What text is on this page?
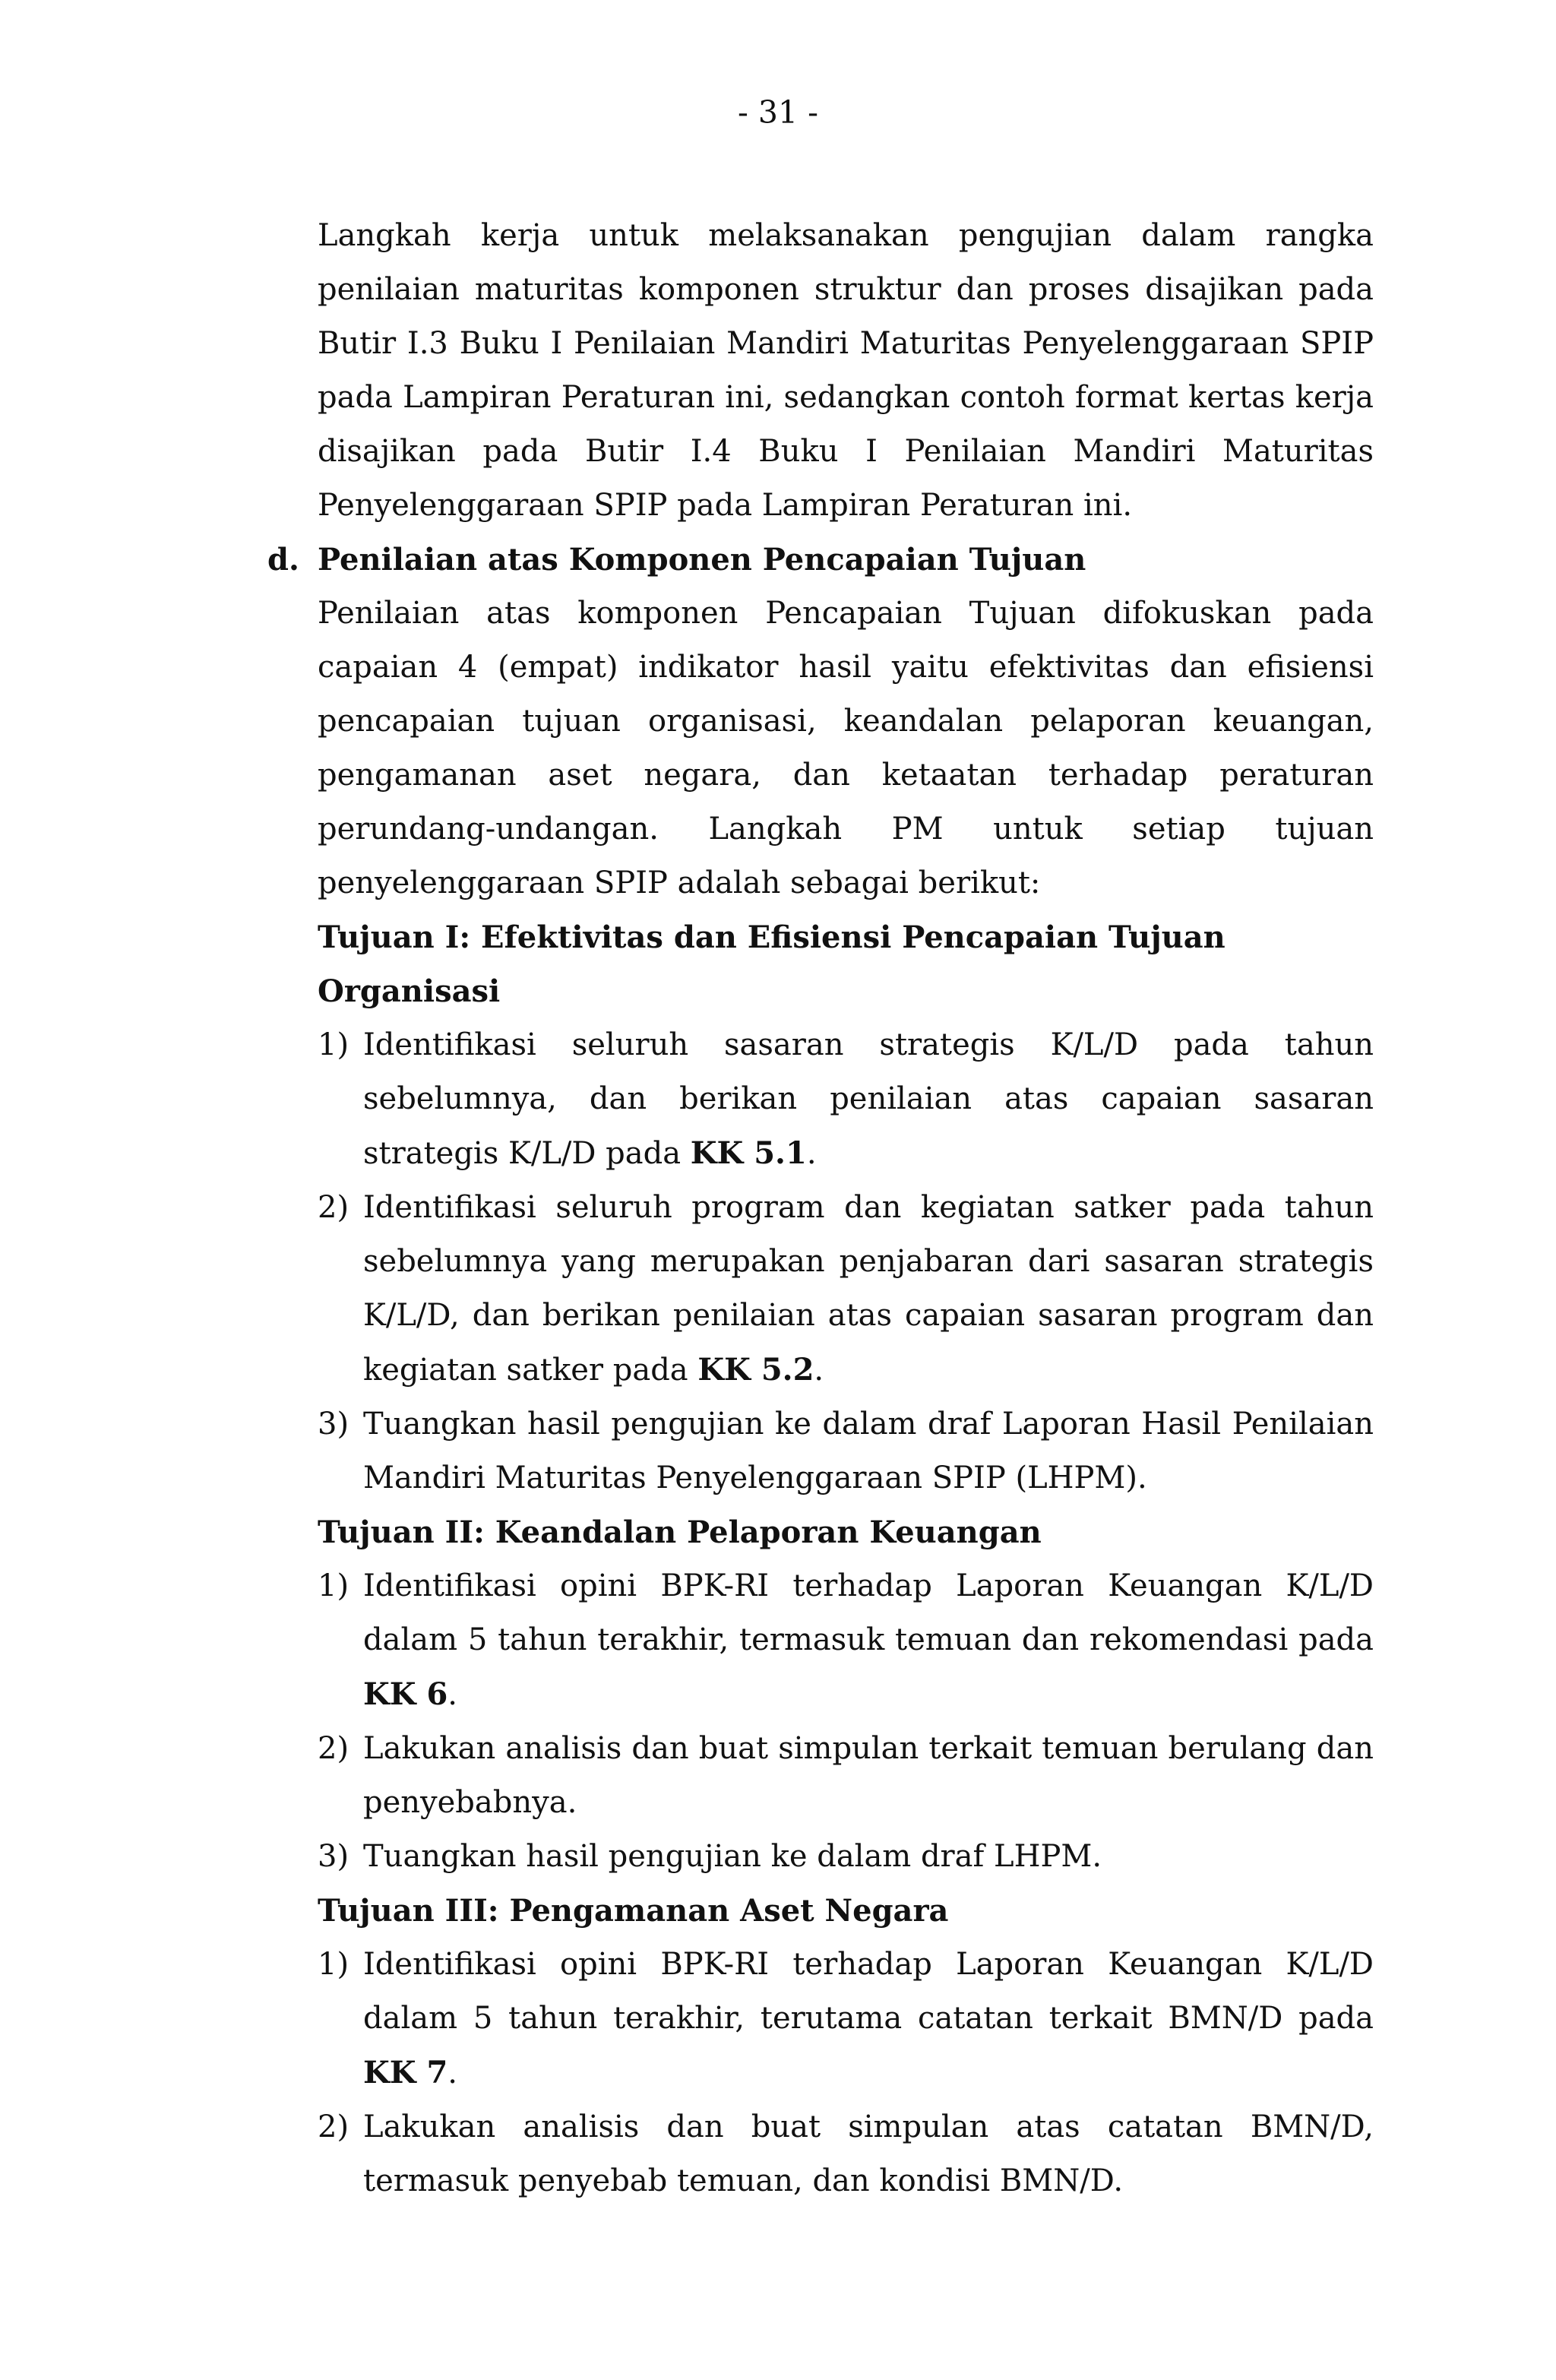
- 31 -

Langkah kerja untuk melaksanakan pengujian dalam rangka penilaian maturitas komponen struktur dan proses disajikan pada Butir I.3 Buku I Penilaian Mandiri Maturitas Penyelenggaraan SPIP pada Lampiran Peraturan ini, sedangkan contoh format kertas kerja disajikan pada Butir I.4 Buku I Penilaian Mandiri Maturitas Penyelenggaraan SPIP pada Lampiran Peraturan ini.

d. Penilaian atas Komponen Pencapaian Tujuan

Penilaian atas komponen Pencapaian Tujuan difokuskan pada capaian 4 (empat) indikator hasil yaitu efektivitas dan efisiensi pencapaian tujuan organisasi, keandalan pelaporan keuangan, pengamanan aset negara, dan ketaatan terhadap peraturan perundang-undangan. Langkah PM untuk setiap tujuan penyelenggaraan SPIP adalah sebagai berikut:

Tujuan I: Efektivitas dan Efisiensi Pencapaian Tujuan Organisasi

1) Identifikasi seluruh sasaran strategis K/L/D pada tahun sebelumnya, dan berikan penilaian atas capaian sasaran strategis K/L/D pada KK 5.1.
2) Identifikasi seluruh program dan kegiatan satker pada tahun sebelumnya yang merupakan penjabaran dari sasaran strategis K/L/D, dan berikan penilaian atas capaian sasaran program dan kegiatan satker pada KK 5.2.
3) Tuangkan hasil pengujian ke dalam draf Laporan Hasil Penilaian Mandiri Maturitas Penyelenggaraan SPIP (LHPM).

Tujuan II: Keandalan Pelaporan Keuangan

1) Identifikasi opini BPK-RI terhadap Laporan Keuangan K/L/D dalam 5 tahun terakhir, termasuk temuan dan rekomendasi pada KK 6.
2) Lakukan analisis dan buat simpulan terkait temuan berulang dan penyebabnya.
3) Tuangkan hasil pengujian ke dalam draf LHPM.

Tujuan III: Pengamanan Aset Negara

1) Identifikasi opini BPK-RI terhadap Laporan Keuangan K/L/D dalam 5 tahun terakhir, terutama catatan terkait BMN/D pada KK 7.
2) Lakukan analisis dan buat simpulan atas catatan BMN/D, termasuk penyebab temuan, dan kondisi BMN/D.
